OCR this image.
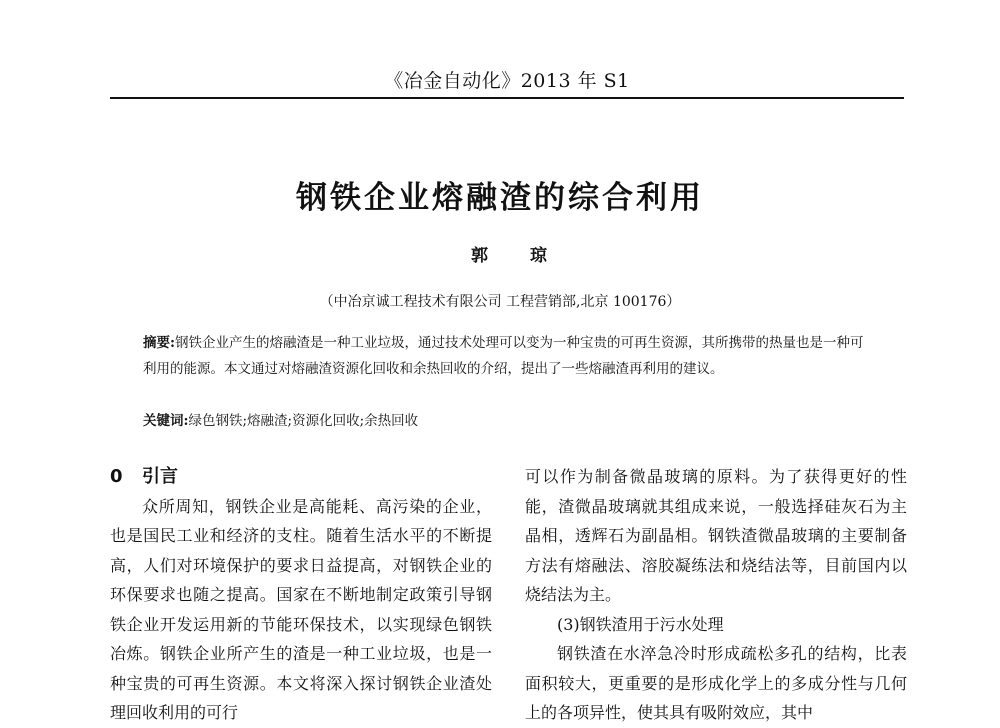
《冶金自动化》2013 年 S1
钢铁企业熔融渣的综合利用
郭 琼
（中冶京诚工程技术有限公司 工程营销部,北京 100176）
摘要:钢铁企业产生的熔融渣是一种工业垃圾，通过技术处理可以变为一种宝贵的可再生资源，其所携带的热量也是一种可利用的能源。本文通过对熔融渣资源化回收和余热回收的介绍，提出了一些熔融渣再利用的建议。
关键词:绿色钢铁;熔融渣;资源化回收;余热回收
0 引言

众所周知，钢铁企业是高能耗、高污染的企业，也是国民工业和经济的支柱。随着生活水平的不断提高，人们对环境保护的要求日益提高，对钢铁企业的环保要求也随之提高。国家在不断地制定政策引导钢铁企业开发运用新的节能环保技术，以实现绿色钢铁冶炼。钢铁企业所产生的渣是一种工业垃圾，也是一种宝贵的可再生资源。本文将深入探讨钢铁企业渣处理回收利用的可行

可以作为制备微晶玻璃的原料。为了获得更好的性能，渣微晶玻璃就其组成来说，一般选择硅灰石为主晶相，透辉石为副晶相。钢铁渣微晶玻璃的主要制备方法有熔融法、溶胶凝练法和烧结法等，目前国内以烧结法为主。

(3)钢铁渣用于污水处理

钢铁渣在水淬急冷时形成疏松多孔的结构，比表面积较大，更重要的是形成化学上的多成分性与几何上的各项异性，使其具有吸附效应，其中
